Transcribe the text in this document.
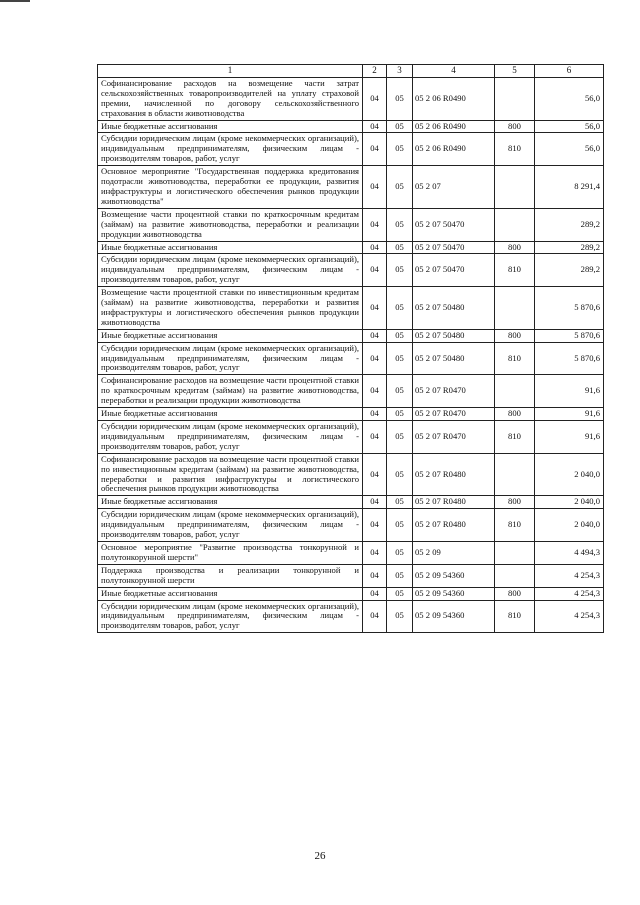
1	2	3	4	5	6
Софинансирование расходов на возмещение части затрат сельскохозяйственных товаропроизводителей на уплату страховой премии, начисленной по договору сельскохозяйственного страхования в области животноводства	04	05	05 2 06 R0490		56,0
Иные бюджетные ассигнования	04	05	05 2 06 R0490	800	56,0
Субсидии юридическим лицам (кроме некоммерческих организаций), индивидуальным предпринимателям, физическим лицам - производителям товаров, работ, услуг	04	05	05 2 06 R0490	810	56,0
Основное мероприятие "Государственная поддержка кредитования подотрасли животноводства, переработки ее продукции, развития инфраструктуры и логистического обеспечения рынков продукции животноводства"	04	05	05 2 07		8 291,4
Возмещение части процентной ставки по краткосрочным кредитам (займам) на развитие животноводства, переработки и реализации продукции животноводства	04	05	05 2 07 50470		289,2
Иные бюджетные ассигнования	04	05	05 2 07 50470	800	289,2
Субсидии юридическим лицам (кроме некоммерческих организаций), индивидуальным предпринимателям, физическим лицам - производителям товаров, работ, услуг	04	05	05 2 07 50470	810	289,2
Возмещение части процентной ставки по инвестиционным кредитам (займам) на развитие животноводства, переработки и развития инфраструктуры и логистического обеспечения рынков продукции животноводства	04	05	05 2 07 50480		5 870,6
Иные бюджетные ассигнования	04	05	05 2 07 50480	800	5 870,6
Субсидии юридическим лицам (кроме некоммерческих организаций), индивидуальным предпринимателям, физическим лицам - производителям товаров, работ, услуг	04	05	05 2 07 50480	810	5 870,6
Софинансирование расходов на возмещение части процентной ставки по краткосрочным кредитам (займам) на развитие животноводства, переработки и реализации продукции животноводства	04	05	05 2 07 R0470		91,6
Иные бюджетные ассигнования	04	05	05 2 07 R0470	800	91,6
Субсидии юридическим лицам (кроме некоммерческих организаций), индивидуальным предпринимателям, физическим лицам - производителям товаров, работ, услуг	04	05	05 2 07 R0470	810	91,6
Софинансирование расходов на возмещение части процентной ставки по инвестиционным кредитам (займам) на развитие животноводства, переработки и развития инфраструктуры и логистического обеспечения рынков продукции животноводства	04	05	05 2 07 R0480		2 040,0
Иные бюджетные ассигнования	04	05	05 2 07 R0480	800	2 040,0
Субсидии юридическим лицам (кроме некоммерческих организаций), индивидуальным предпринимателям, физическим лицам - производителям товаров, работ, услуг	04	05	05 2 07 R0480	810	2 040,0
Основное мероприятие "Развитие производства тонкорунной и полутонкорунной шерсти"	04	05	05 2 09		4 494,3
Поддержка производства и реализации тонкорунной и полутонкорунной шерсти	04	05	05 2 09 54360		4 254,3
Иные бюджетные ассигнования	04	05	05 2 09 54360	800	4 254,3
Субсидии юридическим лицам (кроме некоммерческих организаций), индивидуальным предпринимателям, физическим лицам - производителям товаров, работ, услуг	04	05	05 2 09 54360	810	4 254,3
26
